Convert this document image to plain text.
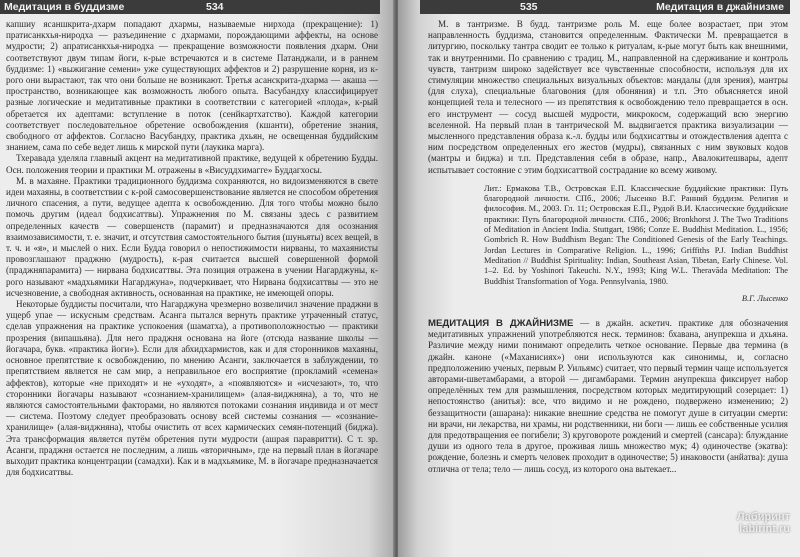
Медитация в буддизме	534

капшиу ясаншкрита-дхарм попадают дхармы, называемые нирхода (прекращение): 1) пратисанкхья-ниродха — разъединение с дхармами, порождающими аффекты, на основе мудрости; 2) апратисанкхья-ниродха — прекращение возможности появления дхарм. Они соответствуют двум типам йоги, к-рые встречаются и в системе Патанджали, и в раннем буддизме: 1) «выжигание семени» уже существующих аффектов и 2) разрушение корня, из к-рого они вырастают, так что они больше не возникают. Третья асанскрита-дхарма — акаша — пространство, возникающее как возможность любого опыта. Васубандху классифицирует разные логические и медитативные практики в соответствии с категорией «плода», к-рый обретается их адептами: вступление в поток (сенйкартхатство). Каждой категории соответствует последовательное обретение освобождения (кшанти), обретение знания, свободного от аффектов. Согласно Васубандху, практика дхьян, не освещенная буддийским знанием, сама по себе ведет лишь к мирской пути (лаукика марга).

Тхеравада уделяла главный акцент на медитативной практике, ведущей к обретению Будды. Осн. положения теории и практики М. отражены в «Висуддхимагге» Буддагхосы.

М. в махаяне. Практики традиционного буддизма сохраняются, но видоизменяются в свете идеи махаяны, в соответствии с к-рой самосовершенствование является не способом обретения личного спасения, а пути, ведущее адепта к освобождению. Для того чтобы можно было помочь другим (идеал бодхисаттвы). Упражнения по М. связаны здесь с развитием определенных качеств — совершенств (парамит) и предназначаются для осознания взаимозависимости, т. е. значит, и отсутствия самостоятельного бытия (шуньяты) всех вещей, в т. ч. и «я», и мыслей о них. Если Будда говорил о непостижимости нирваны, то махаянисты провозглашают праджню (мудрость), к-рая считается высшей совершенной формой (праджняпарамита) — нирвана бодхисаттвы. Эта позиция отражена в учении Нагарджуны, к-рого называют «мадхьямики Нагарджуна», подчеркивает, что Нирвана бодхисаттвы — это не исчезновение, а свободная активность, основанная на практике, не имеющей опоры.

Некоторые буддисты посчитали, что Нагарджуна чрезмерно возвеличил значение праджни в ущерб упае — искусным средствам. Асанга пытался вернуть практике утраченный статус, сделав упражнения на практике успокоения (шаматха), а противоположностью — практики прозрения (випашьяна). Для него праджня основана на йоге (отсюда название школы — йогачара, букв. «практика йоги»). Если для абхидхармистов, как и для сторонников махаяны, основное препятствие к освобождению, по мнению Асанги, заключается в заблуждении, то препятствием является не сам мир, а неправильное его восприятие (прокламий «семена» аффектов), которые «не приходят» и не «уходят», а «появляются» и «исчезают», то, что сторонники йогачары называют «сознанием-хранилищем» (алая-виджняна), а то, что не являются самостоятельными факторами, но являются потоками сознания индивида и от мест — система. Поэтому следует преобразовать основу всей системы сознания — «сознание-хранилище» (алая-виджняна), чтобы очистить от всех кармических семян-потенций (биджа). Эта трансформация является путём обретения пути мудрости (ашрая паравритти). С т. зр. Асанги, праджня остается не последним, а лишь «вторичным», где на первый план в йогачаре выходит практика концентрации (самадхи). Как и в мадхьямике, М. в йогачаре предназначается для бодхисаттвы.

535	Медитация в джайнизме

М. в тантризме. В будд. тантризме роль М. еще более возрастает, при этом направленность буддизма, становится определенным. Фактически М. превращается в литургию, поскольку тантра сводит ее только к ритуалам, к-рые могут быть как внешними, так и внутренними. По сравнению с традиц. М., направленной на сдерживание и контроль чувств, тантризм широко задействует все чувственные способности, используя для их стимуляции множество специальных визуальных объектов: мандалы (для зрения), мантры (для слуха), специальные благовония (для обоняния) и т.п. Это объясняется иной концепцией тела и телесного — из препятствия к освобождению тело превращается в осн. его инструмент — сосуд высшей мудрости, микрокосм, содержащий всю энергию вселенной. На первый план в тантрической М. выдвигается практика визуализации — мысленного представления образа к.-л. будды или бодхисаттвы и отождествления адепта с ним посредством определенных его жестов (мудры), связанных с ним звуковых кодов (мантры и биджа) и т.п. Представления себя в образе, напр., Авалокитешвары, адепт испытывает состояние с этим бодхисаттвой сострадание ко всему живому.

Лит.: Ермакова Т.В., Островская Е.П. Классические буддийские практики: Путь благородной личности. СПб., 2006; Лысенко В.Г. Ранний буддизм. Религия и философия. М., 2003. Гл. 11; Островская Е.П., Рудой В.И. Классические буддийские практики: Путь благородной личности. СПб., 2006; Bronkhorst J. The Two Traditions of Meditation in Ancient India. Stuttgart, 1986; Conze E. Buddhist Meditation. L., 1956; Gombrich R. How Buddhism Began: The Conditioned Genesis of the Early Teachings. Jordan Lectures in Comparative Religion. L., 1996; Griffiths P.J. Indian Buddhist Meditation // Buddhist Spirituality: Indian, Southeast Asian, Tibetan, Early Chinese. Vol. 1–2. Ed. by Yoshinori Takeuchi. N.Y., 1993; King W.L. Theravāda Meditation: The Buddhist Transformation of Yoga. Pennsylvania, 1980.

В.Г. Лысенко

МЕДИТАЦИЯ В ДЖАЙНИЗМЕ — в джайн. аскетич. практике для обозначения медитативных упражнений употребляются неск. терминов: бхавана, анупрекша и дхьяна. Различие между ними понимают определить четкое основание. Первые два термина (в джайн. каноне («Маханисиях») они используются как синонимы, и, согласно предположению ученых, первым Р. Уильямс) считает, что первый термин чаще используется авторами-шветамбарами, а второй — дигамбарами. Термин анупрекша фиксирует набор определённых тем для размышления, посредством которых медитирующий созерцает: 1) непостоянство (анитья): все, что видимо и не рождено, подвержено изменению; 2) беззащитности (ашарана): никакие внешние средства не помогут душе в ситуации смерти: ни врачи, ни лекарства, ни храмы, ни родственники, ни боги — лишь ее собственные усилия для предотвращения ее погибели; 3) круговороте рождений и смертей (сансара): блуждание души из одного тела в другое, проживая лишь множество мук; 4) одиночестве (экатва): рождение, болезнь и смерть человек проходит в одиночестве; 5) инаковости (анйатва): душа отлична от тела; тело — лишь сосуд, из которого она вытекает...

Лабиринт
labirint.ru
